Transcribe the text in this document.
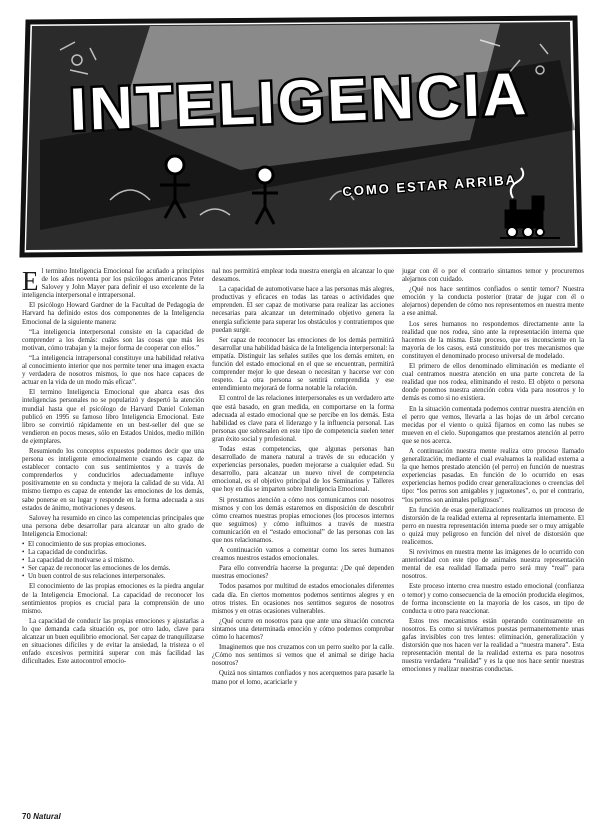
INTELIGENCIA
COMO ESTAR ARRIBA

El termino Inteligencia Emocional fue acuñado a principios de los años noventa por los psicólogos americanos Peter Salovey y John Mayer para definir el uso excelente de la inteligencia interpersonal e intrapersonal.

El psicólogo Howard Gardner de la Facultad de Pedagogía de Harvard ha definido estos dos componentes de la Inteligencia Emocional de la siguiente manera:

“La inteligencia interpersonal consiste en la capacidad de comprender a los demás: cuáles son las cosas que más les motivan, cómo trabajan y la mejor forma de cooperar con ellos.”

“La inteligencia intrapersonal constituye una habilidad relativa al conocimiento interior que nos permite tener una imagen exacta y verdadera de nosotros mismos, lo que nos hace capaces de actuar en la vida de un modo más eficaz”.

El termino Inteligencia Emocional que abarca esas dos inteligencias personales no se popularizó y despertó la atención mundial hasta que el psicólogo de Harvard Daniel Coleman publicó en 1995 su famoso libro Inteligencia Emocional. Este libro se convirtió rápidamente en un best-seller del que se vendieron en pocos meses, sólo en Estados Unidos, medio millón de ejemplares.

Resumiendo los conceptos expuestos podemos decir que una persona es inteligente emocionalmente cuando es capaz de establecer contacto con sus sentimientos y a través de comprenderlos y conducirlos adecuadamente influye positivamente en su conducta y mejora la calidad de su vida. Al mismo tiempo es capaz de entender las emociones de los demás, sabe ponerse en su lugar y responde en la forma adecuada a sus estados de ánimo, motivaciones y deseos.

Salovey ha resumido en cinco las competencias principales que una persona debe desarrollar para alcanzar un alto grado de Inteligencia Emocional:

• El conocimiento de sus propias emociones.
• La capacidad de conducirlas.
• La capacidad de motivarse a sí mismo.
• Ser capaz de reconocer las emociones de los demás.
• Un buen control de sus relaciones interpersonales.

El conocimiento de las propias emociones es la piedra angular de la Inteligencia Emocional. La capacidad de reconocer los sentimientos propios es crucial para la comprensión de uno mismo.

La capacidad de conducir las propias emociones y ajustarlas a lo que demanda cada situación es, por otro lado, clave para alcanzar un buen equilibrio emocional. Ser capaz de tranquilizarse en situaciones difíciles y de evitar la ansiedad, la tristeza o el enfado excesivos permitirá superar con más facilidad las dificultades. Este autocontrol emocio-

nal nos permitirá emplear toda nuestra energía en alcanzar lo que deseamos.

La capacidad de automotivarse hace a las personas más alegres, productivas y eficaces en todas las tareas o actividades que emprenden. El ser capaz de motivarse para realizar las acciones necesarias para alcanzar un determinado objetivo genera la energía suficiente para superar los obstáculos y contratiempos que puedan surgir.

Ser capaz de reconocer las emociones de los demás permitirá desarrollar una habilidad básica de la Inteligencia interpersonal: la empatía. Distinguir las señales sutiles que los demás emiten, en función del estado emocional en el que se encuentran, permitirá comprender mejor lo que desean o necesitan y hacerse ver con respeto. La otra persona se sentirá comprendida y ese entendimiento mejorará de forma notable la relación.

El control de las relaciones interpersonales es un verdadero arte que está basado, en gran medida, en comportarse en la forma adecuada al estado emocional que se percibe en los demás. Esta habilidad es clave para el liderazgo y la influencia personal. Las personas que sobresalen en este tipo de competencia suelen tener gran éxito social y profesional.

Todas estas competencias, que algunas personas han desarrollado de manera natural a través de su educación y experiencias personales, pueden mejorarse a cualquier edad. Su desarrollo, para alcanzar un nuevo nivel de competencia emocional, es el objetivo principal de los Seminarios y Talleres que hoy en día se imparten sobre Inteligencia Emocional.

Si prestamos atención a cómo nos comunicamos con nosotros mismos y con los demás estaremos en disposición de descubrir cómo creamos nuestras propias emociones (los procesos internos que seguimos) y cómo influimos a través de nuestra comunicación en el “estado emocional” de las personas con las que nos relacionamos.

A continuación vamos a comentar como los seres humanos creamos nuestros estados emocionales.

Para ello convendría hacerse la pregunta: ¿De qué dependen nuestras emociones?

Todos pasamos por multitud de estados emocionales diferentes cada día. En ciertos momentos podemos sentirnos alegres y en otros tristes. En ocasiones nos sentimos seguros de nosotros mismos y en otras ocasiones vulnerables.

¿Qué ocurre en nosotros para que ante una situación concreta sintamos una determinada emoción y cómo podemos comprobar cómo lo hacemos?

Imaginemos que nos cruzamos con un perro suelto por la calle. ¿Cómo nos sentimos si vemos que el animal se dirige hacia nosotros?

Quizá nos sintamos confiados y nos acerquemos para pasarle la mano por el lomo, acariciarle y

jugar con él o por el contrario sintamos temor y procuremos alejarnos con cuidado.

¿Qué nos hace sentimos confiados o sentir temor? Nuestra emoción y la conducta posterior (tratar de jugar con él o alejarnos) dependen de cómo nos representemos en nuestra mente a ese animal.

Los seres humanos no respondemos directamente ante la realidad que nos rodea, sino ante la representación interna que hacemos de la misma. Este proceso, que es inconsciente en la mayoría de los casos, está constituido por tres mecanismos que constituyen el denominado proceso universal de modelado.

El primero de ellos denominado eliminación es mediante el cual centramos nuestra atención en una parte concreta de la realidad que nos rodea, eliminando el resto. El objeto o persona donde ponemos nuestra atención cobra vida para nosotros y lo demás es como si no existiera.

En la situación comentada podemos centrar nuestra atención en el perro que vemos, llevarla a las hojas de un árbol cercano mecidas por el viento o quizá fijarnos en como las nubes se mueven en el cielo. Supongamos que prestamos atención al perro que se nos acerca.

A continuación nuestra mente realiza otro proceso llamado generalización, mediante el cual evaluamos la realidad externa a la que hemos prestado atención (el perro) en función de nuestras experiencias pasadas. En función de lo ocurrido en esas experiencias hemos podido crear generalizaciones o creencias del tipo: “los perros son amigables y juguetones”, o, por el contrario, “los perros son animales peligrosos”.

En función de esas generalizaciones realizamos un proceso de distorsión de la realidad externa al representarla internamente. El perro en nuestra representación interna puede ser o muy amigable o quizá muy peligroso en función del nivel de distorsión que realicemos.

Si revivimos en nuestra mente las imágenes de lo ocurrido con anterioridad con este tipo de animales nuestra representación mental de esa realidad llamada perro será muy “real” para nosotros.

Este proceso interno crea nuestro estado emocional (confianza o temor) y como consecuencia de la emoción producida elegimos, de forma inconsciente en la mayoría de los casos, un tipo de conducta u otro para reaccionar.

Estos tres mecanismos están operando continuamente en nosotros. Es como si tuviéramos puestas permanentemente unas gafas invisibles con tres lentes: eliminación, generalización y distorsión que nos hacen ver la realidad a “nuestra manera”. Esta representación mental de la realidad externa es para nosotros nuestra verdadera “realidad” y es la que nos hace sentir nuestras emociones y realizar nuestras conductas.

70 Natural
